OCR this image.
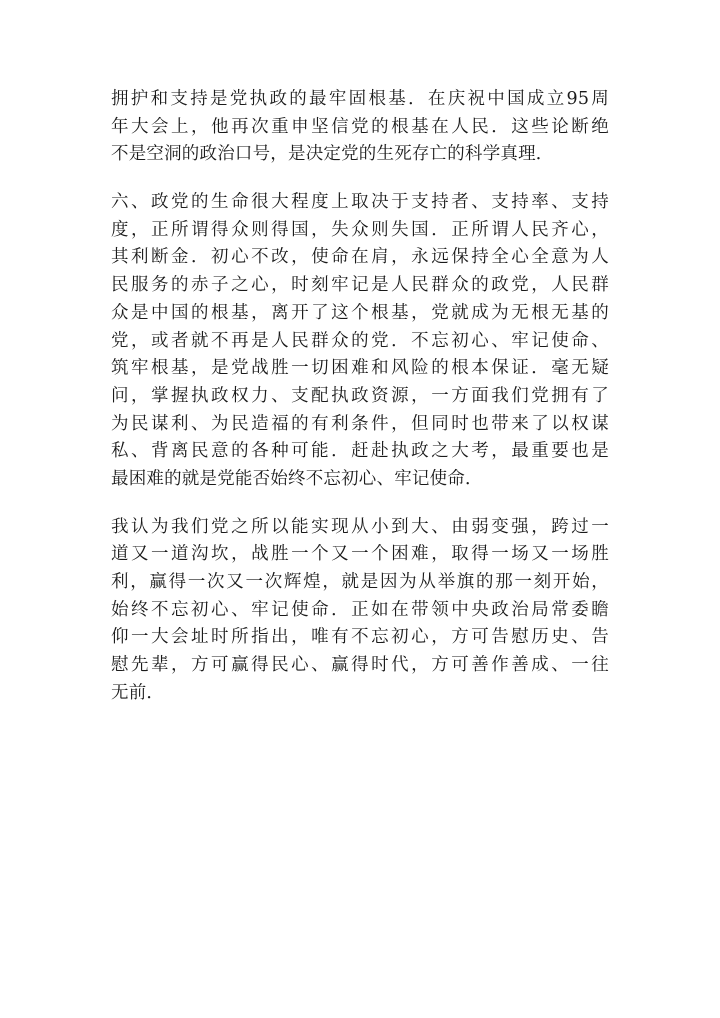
拥护和支持是党执政的最牢固根基．在庆祝中国成立95周
年大会上，他再次重申坚信党的根基在人民．这些论断绝
不是空洞的政治口号，是决定党的生死存亡的科学真理．
六、政党的生命很大程度上取决于支持者、支持率、支持
度，正所谓得众则得国，失众则失国．正所谓人民齐心，
其利断金．初心不改，使命在肩，永远保持全心全意为人
民服务的赤子之心，时刻牢记是人民群众的政党，人民群
众是中国的根基，离开了这个根基，党就成为无根无基的
党，或者就不再是人民群众的党．不忘初心、牢记使命、
筑牢根基，是党战胜一切困难和风险的根本保证．毫无疑
问，掌握执政权力、支配执政资源，一方面我们党拥有了
为民谋利、为民造福的有利条件，但同时也带来了以权谋
私、背离民意的各种可能．赶赴执政之大考，最重要也是
最困难的就是党能否始终不忘初心、牢记使命．
我认为我们党之所以能实现从小到大、由弱变强，跨过一
道又一道沟坎，战胜一个又一个困难，取得一场又一场胜
利，赢得一次又一次辉煌，就是因为从举旗的那一刻开始，
始终不忘初心、牢记使命．正如在带领中央政治局常委瞻
仰一大会址时所指出，唯有不忘初心，方可告慰历史、告
慰先辈，方可赢得民心、赢得时代，方可善作善成、一往
无前．
